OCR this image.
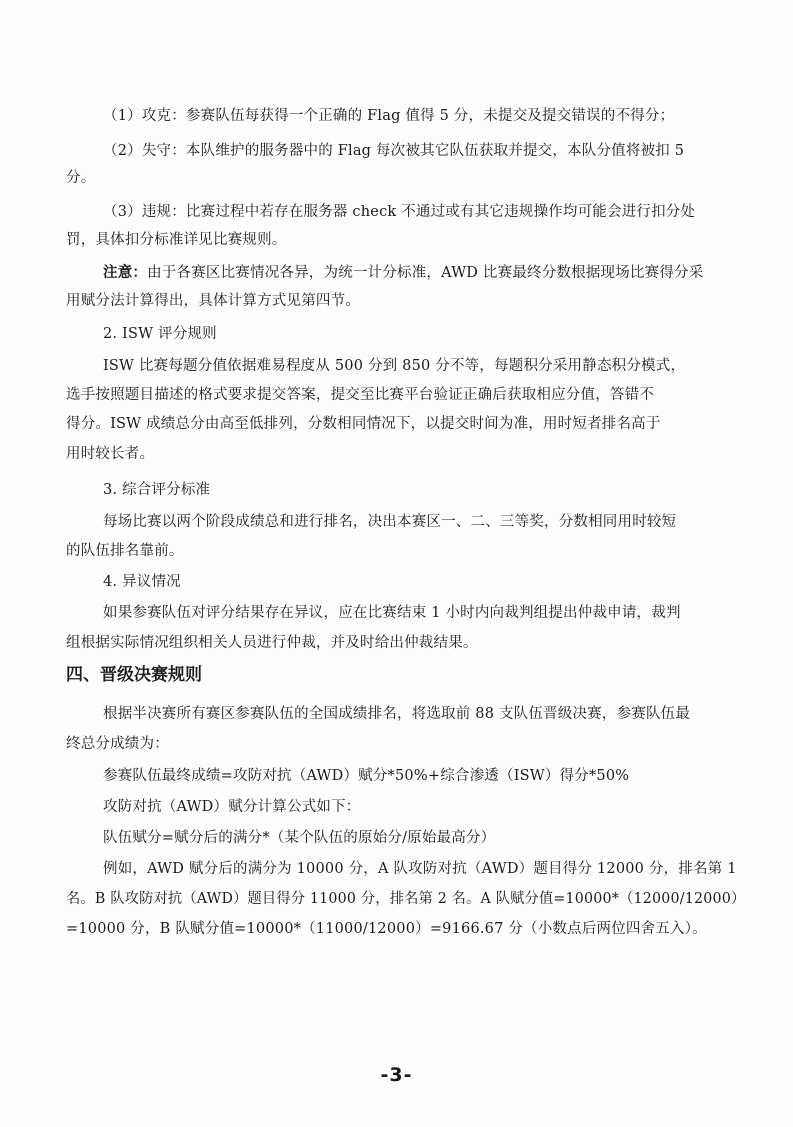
（1）攻克：参赛队伍每获得一个正确的 Flag 值得 5 分，未提交及提交错误的不得分；
（2）失守：本队维护的服务器中的 Flag 每次被其它队伍获取并提交，本队分值将被扣 5
分。
（3）违规：比赛过程中若存在服务器 check 不通过或有其它违规操作均可能会进行扣分处
罚，具体扣分标准详见比赛规则。
注意：由于各赛区比赛情况各异，为统一计分标准，AWD 比赛最终分数根据现场比赛得分采
用赋分法计算得出，具体计算方式见第四节。
2. ISW 评分规则
ISW 比赛每题分值依据难易程度从 500 分到 850 分不等，每题积分采用静态积分模式，
选手按照题目描述的格式要求提交答案，提交至比赛平台验证正确后获取相应分值，答错不
得分。ISW 成绩总分由高至低排列，分数相同情况下，以提交时间为准，用时短者排名高于
用时较长者。
3. 综合评分标准
每场比赛以两个阶段成绩总和进行排名，决出本赛区一、二、三等奖，分数相同用时较短
的队伍排名靠前。
4. 异议情况
如果参赛队伍对评分结果存在异议，应在比赛结束 1 小时内向裁判组提出仲裁申请，裁判
组根据实际情况组织相关人员进行仲裁，并及时给出仲裁结果。
四、晋级决赛规则
根据半决赛所有赛区参赛队伍的全国成绩排名，将选取前 88 支队伍晋级决赛，参赛队伍最
终总分成绩为：
参赛队伍最终成绩=攻防对抗（AWD）赋分*50%+综合渗透（ISW）得分*50%
攻防对抗（AWD）赋分计算公式如下：
队伍赋分=赋分后的满分*（某个队伍的原始分/原始最高分）
例如，AWD 赋分后的满分为 10000 分，A 队攻防对抗（AWD）题目得分 12000 分，排名第 1
名。B 队攻防对抗（AWD）题目得分 11000 分，排名第 2 名。A 队赋分值=10000*（12000/12000）
=10000 分，B 队赋分值=10000*（11000/12000）=9166.67 分（小数点后两位四舍五入）。
-3-
